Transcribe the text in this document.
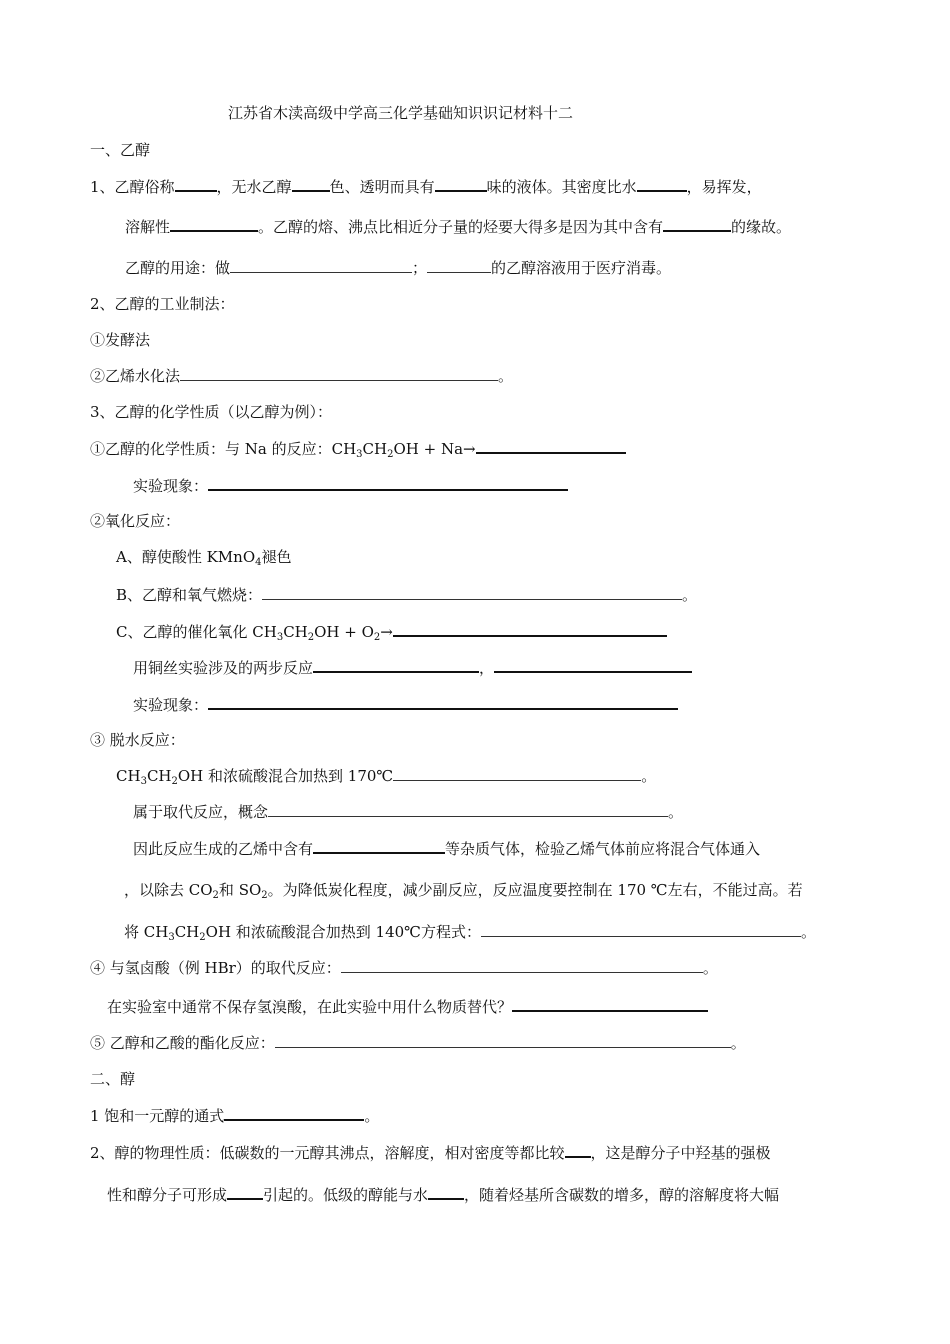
江苏省木渎高级中学高三化学基础知识识记材料十二
一、乙醇
1、乙醇俗称	，无水乙醇	色、透明而具有	味的液体。其密度比水	，易挥发，
溶解性	。乙醇的熔、沸点比相近分子量的烃要大得多是因为其中含有	的缘故。
乙醇的用途：做	；	的乙醇溶液用于医疗消毒。
2、乙醇的工业制法：
①发酵法
②乙烯水化法	。
3、乙醇的化学性质（以乙醇为例）：
①乙醇的化学性质：与 Na 的反应：$CH_3CH_2OH + Na\to$
实验现象：
②氧化反应：
A、醇使酸性 KMnO$_4$褪色
B、乙醇和氧气燃烧：	。
C、乙醇的催化氧化 $CH_3CH_2OH + O_2\to$
用铜丝实验涉及的两步反应	，
实验现象：
③ 脱水反应：
$CH_3CH_2OH$ 和浓硫酸混合加热到 170℃	。
属于取代反应，概念	。
因此反应生成的乙烯中含有	等杂质气体，检验乙烯气体前应将混合气体通入
，以除去 $CO_2$和 $SO_2$。为降低炭化程度，减少副反应，反应温度要控制在 170 ℃左右，不能过高。若
将 $CH_3CH_2OH$ 和浓硫酸混合加热到 140℃方程式：	。
④ 与氢卤酸（例 HBr）的取代反应：	。
在实验室中通常不保存氢溴酸，在此实验中用什么物质替代？
⑤ 乙醇和乙酸的酯化反应：	。
二、醇
1 饱和一元醇的通式	。
2、醇的物理性质：低碳数的一元醇其沸点，溶解度，相对密度等都比较 ，这是醇分子中羟基的强极
性和醇分子可形成 引起的。低级的醇能与水 ，随着烃基所含碳数的增多，醇的溶解度将大幅
